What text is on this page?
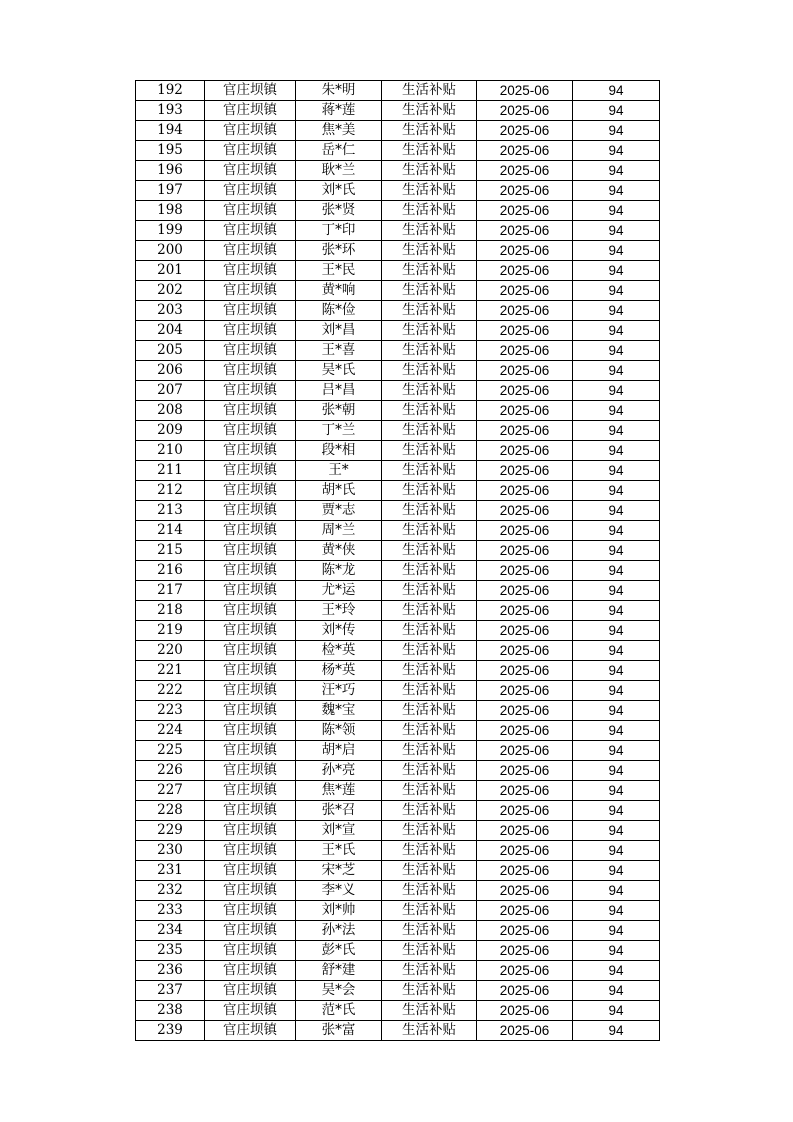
192	官庄坝镇	朱*明	生活补贴	2025-06	94
193	官庄坝镇	蒋*莲	生活补贴	2025-06	94
194	官庄坝镇	焦*美	生活补贴	2025-06	94
195	官庄坝镇	岳*仁	生活补贴	2025-06	94
196	官庄坝镇	耿*兰	生活补贴	2025-06	94
197	官庄坝镇	刘*氏	生活补贴	2025-06	94
198	官庄坝镇	张*贤	生活补贴	2025-06	94
199	官庄坝镇	丁*印	生活补贴	2025-06	94
200	官庄坝镇	张*环	生活补贴	2025-06	94
201	官庄坝镇	王*民	生活补贴	2025-06	94
202	官庄坝镇	黄*响	生活补贴	2025-06	94
203	官庄坝镇	陈*俭	生活补贴	2025-06	94
204	官庄坝镇	刘*昌	生活补贴	2025-06	94
205	官庄坝镇	王*喜	生活补贴	2025-06	94
206	官庄坝镇	吴*氏	生活补贴	2025-06	94
207	官庄坝镇	吕*昌	生活补贴	2025-06	94
208	官庄坝镇	张*朝	生活补贴	2025-06	94
209	官庄坝镇	丁*兰	生活补贴	2025-06	94
210	官庄坝镇	段*相	生活补贴	2025-06	94
211	官庄坝镇	王*	生活补贴	2025-06	94
212	官庄坝镇	胡*氏	生活补贴	2025-06	94
213	官庄坝镇	贾*志	生活补贴	2025-06	94
214	官庄坝镇	周*兰	生活补贴	2025-06	94
215	官庄坝镇	黄*侠	生活补贴	2025-06	94
216	官庄坝镇	陈*龙	生活补贴	2025-06	94
217	官庄坝镇	尤*运	生活补贴	2025-06	94
218	官庄坝镇	王*玲	生活补贴	2025-06	94
219	官庄坝镇	刘*传	生活补贴	2025-06	94
220	官庄坝镇	检*英	生活补贴	2025-06	94
221	官庄坝镇	杨*英	生活补贴	2025-06	94
222	官庄坝镇	汪*巧	生活补贴	2025-06	94
223	官庄坝镇	魏*宝	生活补贴	2025-06	94
224	官庄坝镇	陈*领	生活补贴	2025-06	94
225	官庄坝镇	胡*启	生活补贴	2025-06	94
226	官庄坝镇	孙*亮	生活补贴	2025-06	94
227	官庄坝镇	焦*莲	生活补贴	2025-06	94
228	官庄坝镇	张*召	生活补贴	2025-06	94
229	官庄坝镇	刘*宣	生活补贴	2025-06	94
230	官庄坝镇	王*氏	生活补贴	2025-06	94
231	官庄坝镇	宋*芝	生活补贴	2025-06	94
232	官庄坝镇	李*义	生活补贴	2025-06	94
233	官庄坝镇	刘*帅	生活补贴	2025-06	94
234	官庄坝镇	孙*法	生活补贴	2025-06	94
235	官庄坝镇	彭*氏	生活补贴	2025-06	94
236	官庄坝镇	舒*建	生活补贴	2025-06	94
237	官庄坝镇	吴*会	生活补贴	2025-06	94
238	官庄坝镇	范*氏	生活补贴	2025-06	94
239	官庄坝镇	张*富	生活补贴	2025-06	94
